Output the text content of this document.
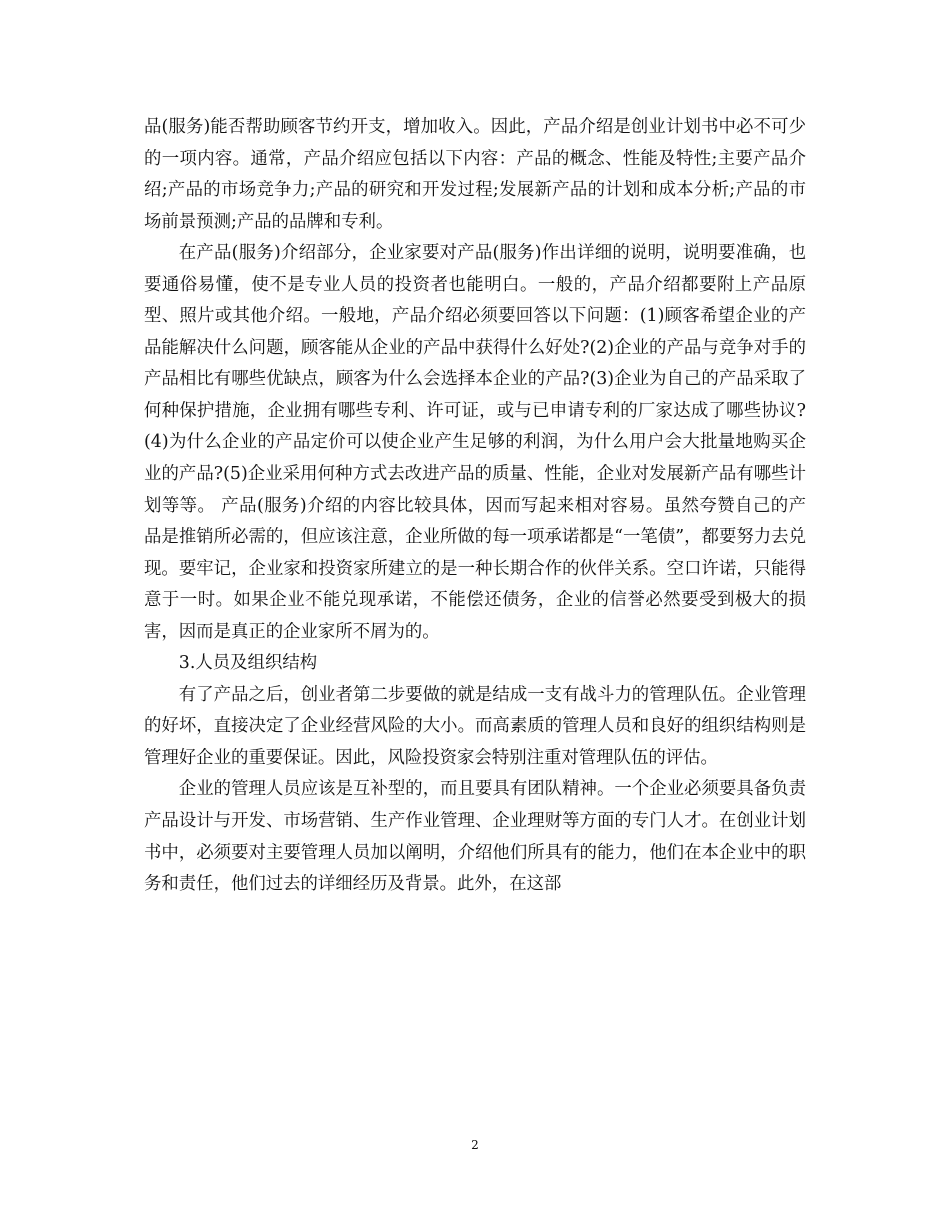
品(服务)能否帮助顾客节约开支，增加收入。因此，产品介绍是创业计划书中必不可少的一项内容。通常，产品介绍应包括以下内容：产品的概念、性能及特性;主要产品介绍;产品的市场竞争力;产品的研究和开发过程;发展新产品的计划和成本分析;产品的市场前景预测;产品的品牌和专利。

在产品(服务)介绍部分，企业家要对产品(服务)作出详细的说明，说明要准确，也要通俗易懂，使不是专业人员的投资者也能明白。一般的，产品介绍都要附上产品原型、照片或其他介绍。一般地，产品介绍必须要回答以下问题：(1)顾客希望企业的产品能解决什么问题，顾客能从企业的产品中获得什么好处?(2)企业的产品与竞争对手的产品相比有哪些优缺点，顾客为什么会选择本企业的产品?(3)企业为自己的产品采取了何种保护措施，企业拥有哪些专利、许可证，或与已申请专利的厂家达成了哪些协议?(4)为什么企业的产品定价可以使企业产生足够的利润，为什么用户会大批量地购买企业的产品?(5)企业采用何种方式去改进产品的质量、性能，企业对发展新产品有哪些计划等等。 产品(服务)介绍的内容比较具体，因而写起来相对容易。虽然夸赞自己的产品是推销所必需的，但应该注意，企业所做的每一项承诺都是“一笔债”，都要努力去兑现。要牢记，企业家和投资家所建立的是一种长期合作的伙伴关系。空口许诺，只能得意于一时。如果企业不能兑现承诺，不能偿还债务，企业的信誉必然要受到极大的损害，因而是真正的企业家所不屑为的。

3.人员及组织结构

有了产品之后，创业者第二步要做的就是结成一支有战斗力的管理队伍。企业管理的好坏，直接决定了企业经营风险的大小。而高素质的管理人员和良好的组织结构则是管理好企业的重要保证。因此，风险投资家会特别注重对管理队伍的评估。

企业的管理人员应该是互补型的，而且要具有团队精神。一个企业必须要具备负责产品设计与开发、市场营销、生产作业管理、企业理财等方面的专门人才。在创业计划书中，必须要对主要管理人员加以阐明，介绍他们所具有的能力，他们在本企业中的职务和责任，他们过去的详细经历及背景。此外，在这部

2
